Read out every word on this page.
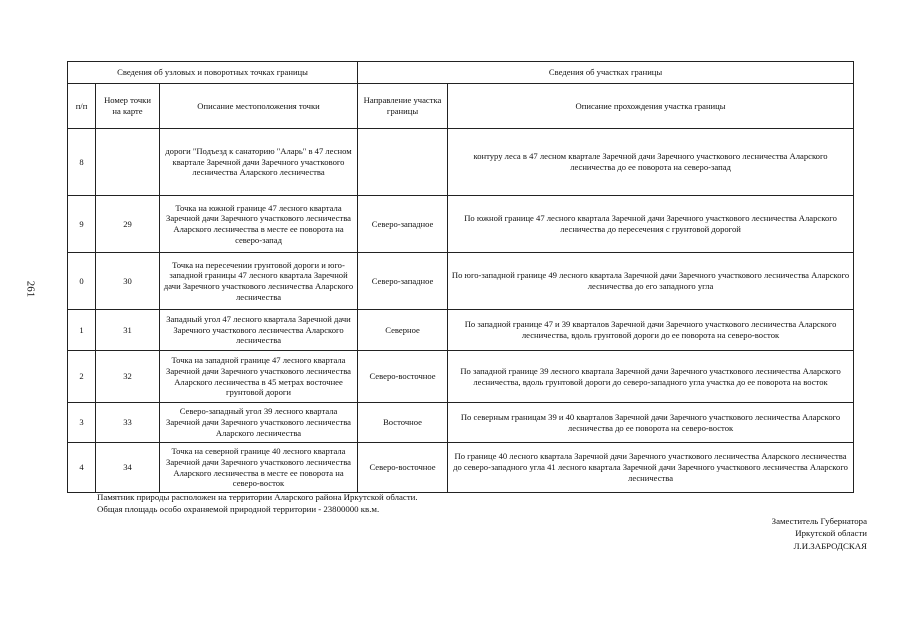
261
Сведения об узловых и поворотных точках границы			Сведения об участках границы	
п/п	Номер точки на карте	Описание местоположения точки	Направление участка границы	Описание прохождения участка границы
8		дороги "Подъезд к санаторию "Аларь" в 47 лесном квартале Заречной дачи Заречного участкового лесничества Аларского лесничества		контуру леса в 47 лесном квартале Заречной дачи Заречного участкового лесничества Аларского лесничества до ее поворота на северо-запад
9	29	Точка на южной границе 47 лесного квартала Заречной дачи Заречного участкового лесничества Аларского лесничества в месте ее поворота на северо-запад	Северо-западное	По южной границе 47 лесного квартала Заречной дачи Заречного участкового лесничества Аларского лесничества до пересечения с грунтовой дорогой
0	30	Точка на пересечении грунтовой дороги и юго-западной границы 47 лесного квартала Заречной дачи Заречного участкового лесничества Аларского лесничества	Северо-западное	По юго-западной границе 49 лесного квартала Заречной дачи Заречного участкового лесничества Аларского лесничества до его западного угла
1	31	Западный угол 47 лесного квартала Заречной дачи Заречного участкового лесничества Аларского лесничества	Северное	По западной границе 47 и 39 кварталов Заречной дачи Заречного участкового лесничества Аларского лесничества, вдоль грунтовой дороги до ее поворота на северо-восток
2	32	Точка на западной границе 47 лесного квартала Заречной дачи Заречного участкового лесничества Аларского лесничества в 45 метрах восточнее грунтовой дороги	Северо-восточное	По западной границе 39 лесного квартала Заречной дачи Заречного участкового лесничества Аларского лесничества, вдоль грунтовой дороги до северо-западного угла участка до ее поворота на восток
3	33	Северо-западный угол 39 лесного квартала Заречной дачи Заречного участкового лесничества Аларского лесничества	Восточное	По северным границам 39 и 40 кварталов Заречной дачи Заречного участкового лесничества Аларского лесничества до ее поворота на северо-восток
4	34	Точка на северной границе 40 лесного квартала Заречной дачи Заречного участкового лесничества Аларского лесничества в месте ее поворота на северо-восток	Северо-восточное	По границе 40 лесного квартала Заречной дачи Заречного участкового лесничества Аларского лесничества до северо-западного угла 41 лесного квартала Заречной дачи Заречного участкового лесничества Аларского лесничества
Памятник природы расположен на территории Аларского района Иркутской области.
Общая площадь особо охраняемой природной территории - 23800000 кв.м.
Заместитель Губернатора
Иркутской области
Л.И.ЗАБРОДСКАЯ
